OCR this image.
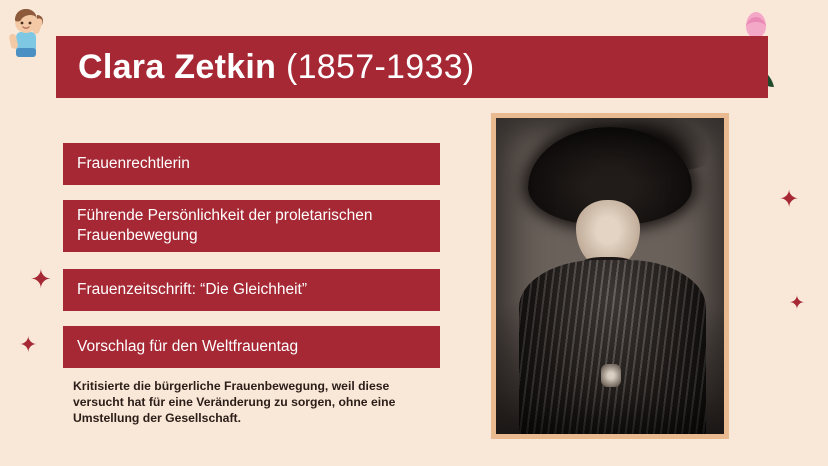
✦
✦
✦
✦
Clara Zetkin (1857-1933)
Frauenrechtlerin
Führende Persönlichkeit der proletarischen Frauenbewegung
Frauenzeitschrift: “Die Gleichheit”
Vorschlag für den Weltfrauentag
Kritisierte die bürgerliche Frauenbewegung, weil diese versucht hat für eine Veränderung zu sorgen, ohne eine Umstellung der Gesellschaft.
